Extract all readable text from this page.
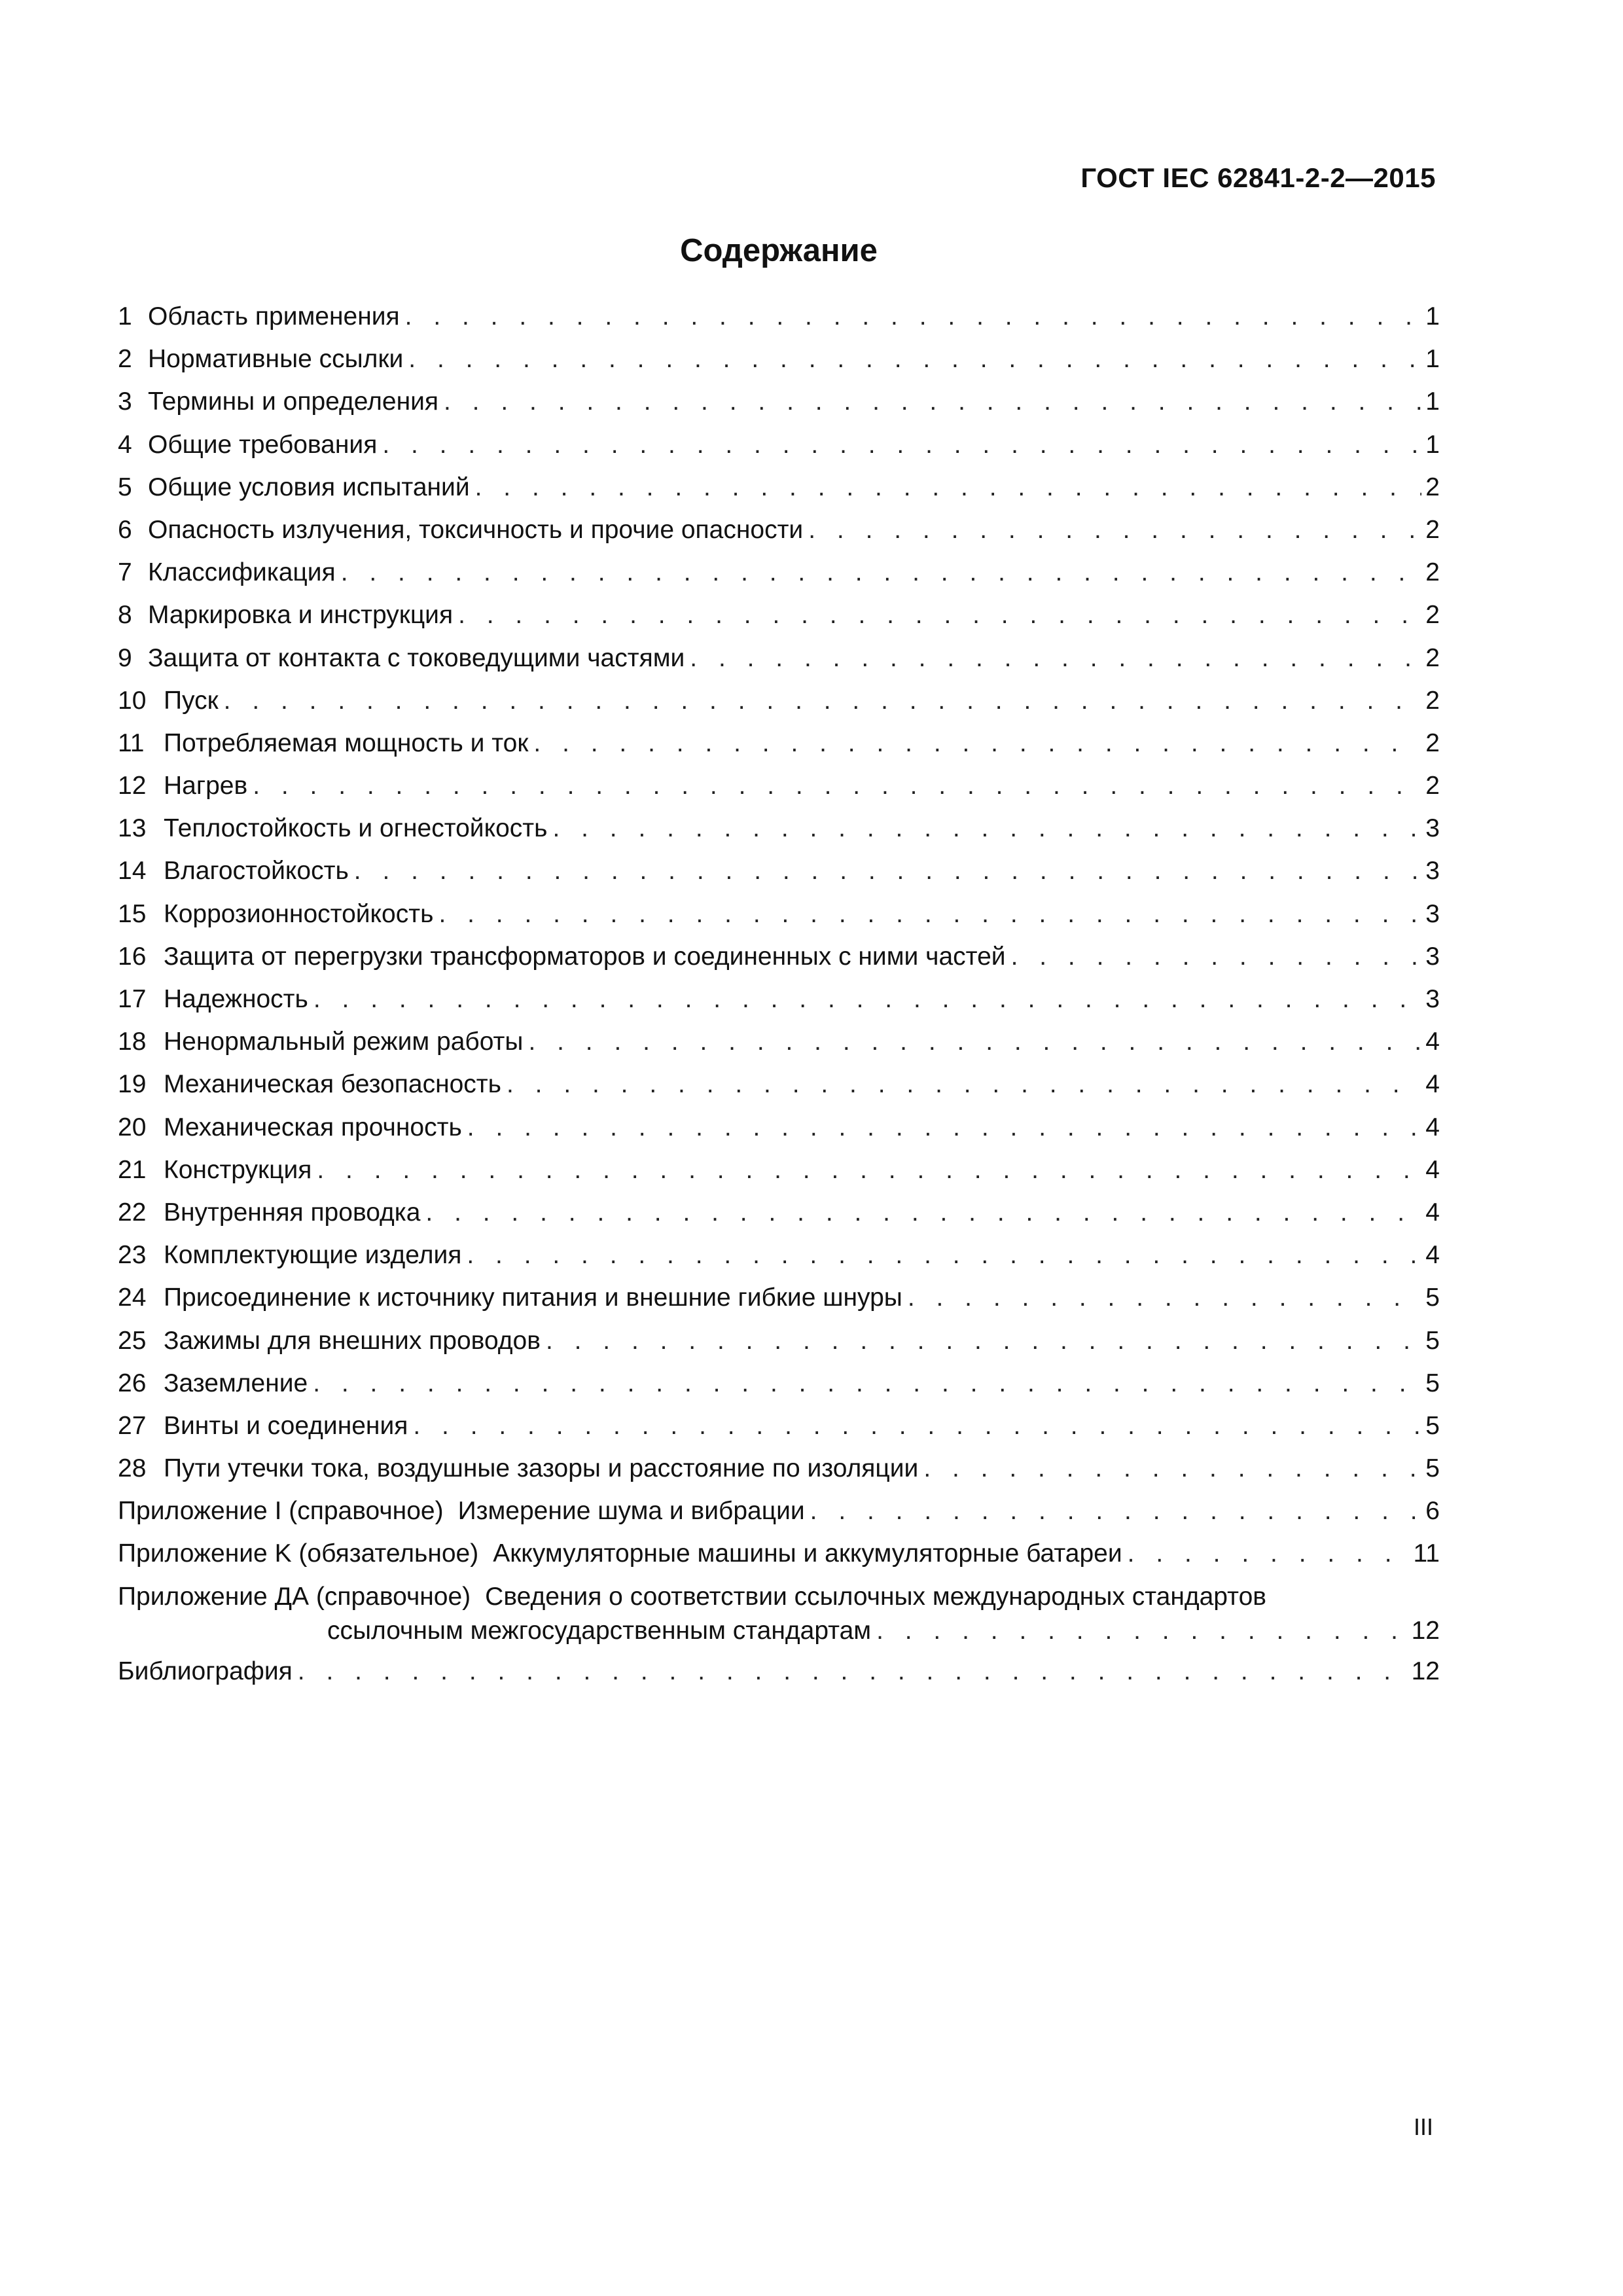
ГОСТ IEC 62841-2-2—2015
Содержание
1 Область применения . . .	1
2 Нормативные ссылки . . .	1
3 Термины и определения . . .	1
4 Общие требования . . .	1
5 Общие условия испытаний . . .	2
6 Опасность излучения, токсичность и прочие опасности . . .	2
7 Классификация . . .	2
8 Маркировка и инструкция . . .	2
9 Защита от контакта с токоведущими частями . . .	2
10 Пуск . . .	2
11 Потребляемая мощность и ток . . .	2
12 Нагрев . . .	2
13 Теплостойкость и огнестойкость . . .	3
14 Влагостойкость . . .	3
15 Коррозионностойкость . . .	3
16 Защита от перегрузки трансформаторов и соединенных с ними частей . . .	3
17 Надежность . . .	3
18 Ненормальный режим работы . . .	4
19 Механическая безопасность . . .	4
20 Механическая прочность . . .	4
21 Конструкция . . .	4
22 Внутренняя проводка . . .	4
23 Комплектующие изделия . . .	4
24 Присоединение к источнику питания и внешние гибкие шнуры . . .	5
25 Зажимы для внешних проводов . . .	5
26 Заземление . . .	5
27 Винты и соединения . . .	5
28 Пути утечки тока, воздушные зазоры и расстояние по изоляции . . .	5
Приложение I (справочное) Измерение шума и вибрации . . .	6
Приложение K (обязательное) Аккумуляторные машины и аккумуляторные батареи . . .	11
Приложение ДА (справочное) Сведения о соответствии ссылочных международных стандартов
ссылочным межгосударственным стандартам . . .	12
Библиография . . .	12
III
